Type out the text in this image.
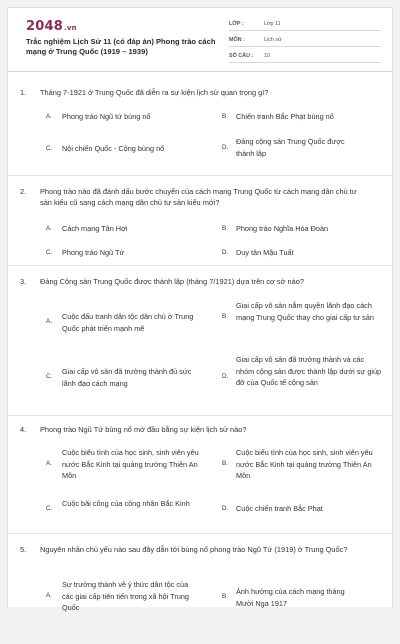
2048.vn
Trắc nghiệm Lịch Sử 11 (có đáp án) Phong trào cách mạng ở Trung Quốc (1919 – 1939)
LỚP :	Lớp 11
MÔN :	Lịch sử
SỐ CÂU :	10
1.	Tháng 7-1921 ở Trung Quốc đã diễn ra sự kiện lịch sử quan trọng gì?
A.	Phong trào Ngũ tứ bùng nổ	B.	Chiến tranh Bắc Phạt bùng nổ
C.	Nội chiến Quốc - Cộng bùng nổ	D.
Đảng cộng sản Trung Quốc được thành lập
2.	Phong trào nào đã đánh dấu bước chuyển của cách mạng Trung Quốc từ cách mạng dân chủ tư sản kiểu cũ sang cách mạng dân chủ tư sản kiểu mới?
A.	Cách mạng Tân Hợi	B.	Phong trào Nghĩa Hòa Đoàn
C.	Phong trào Ngũ Tứ	D.	Duy tân Mậu Tuất
3.	Đảng Cộng sản Trung Quốc được thành lập (tháng 7/1921) dựa trên cơ sở nào?
A.
Cuộc đấu tranh dân tộc dân chủ ở Trung Quốc phát triển mạnh mẽ
B.
Giai cấp vô sản nắm quyền lãnh đạo cách mạng Trung Quốc thay cho giai cấp tư sản
C.
Giai cấp vô sản đã trưởng thành đủ sức lãnh đạo cách mạng
D.
Giai cấp vô sản đã trưởng thành và các nhóm cộng sản được thành lập dưới sự giúp đỡ của Quốc tế cộng sản
4.	Phong trào Ngũ Tứ bùng nổ mở đầu bằng sự kiện lịch sử nào?
A.
Cuộc biểu tình của học sinh, sinh viên yêu nước Bắc Kinh tại quảng trường Thiên An Môn
B.
Cuộc biểu tình của học sinh, sinh viên yêu nước Bắc Kinh tại quảng trường Thiên An Môn
C.
Cuộc bãi công của công nhân Bắc Kinh
D.	Cuộc chiến tranh Bắc Phạt
5.	Nguyên nhân chủ yếu nào sau đây dẫn tới bùng nổ phong trào Ngũ Tứ (1919) ở Trung Quốc?
A.
Sự trưởng thành về ý thức dân tộc của các giai cấp tiên tiến trong xã hội Trung Quốc
B.
Ảnh hưởng của cách mạng tháng Mười Nga 1917
